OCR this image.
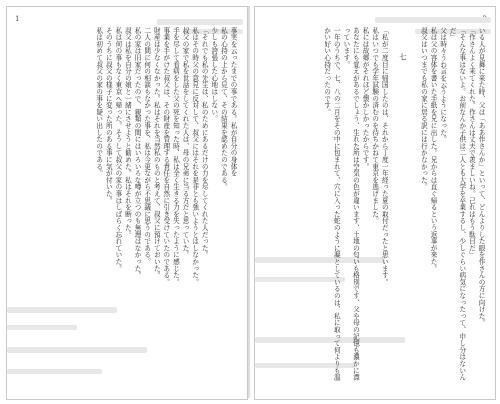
1

事実を云ったまでの事である。私が自分の身体を

私の心持の上から見て、その結果を認めたのである。

少しも誇張した心地はしない。

「それでも私の先生は、私のためにあるだけの力を尽してくれた人だった。

私はその時父の意見に反対して、叔父にはそれを是非とも強いようとはしなかった。

叔父の家で私を世話をしてくれた人は、母の兄弟に当る方だと思っていた。

手を尽して看病をした父の死を知った時、私は全く生きる力を失ったように感じた。

事業を手がけた叔父は、その財産を管理する責任を自然に引き受けていたのである。

財産は少なくなかった。私はそれを当然私のものと考えて、叔父に預けておいた。

二人の間に何の相談もなかった事を、私は今更ながら不思議に思うのである。

私の家は旧家だったので、親類の間にはいろいろな噂が立つのも無理はなかった。

叔父は私を自分の娘と一緒にさせようと勧めた。私はそれを断った。

私は何の事もなく東京へ帰った。そうして叔父の家の事はしばらく忘れていた。

そのうちに叔父の様子に変った所のある事に気が付いた。

私は初めて叔父の家の事を疑い出したのである。	いる人が見舞に来た時、父は「ああ作さんか」といって、どんよりした眼を作さんの方に向けた。

「作さんよく来てくれた。作さんは丈夫で羨ましいね。己れはもう駄目だ」

「そんな事はないよ。お前なんか子供は二人とも大学を卒業するし、少しぐらい病気になったって、申し分はないんだ」

父は時々うわ言を云うようになった。

私は父の容体を書いた手紙を兄に出した。兄からは直ぐ帰るという返事が来た。

叔父はいつまでも私の家に居る訳には行かなかった。

七

「私が二度目に帰国したのは、それから丁度一年経った夏の取付だったと思います。

私はいつでも学年試験の済むのを待ちかねて東京を逃げました。

私には故郷がそれほど懐かしかったからです。

あなたにも覚えがあるでしょう、生れた所は空気の色が違います、土地の匂いも格別です、父や母の記憶も濃かに漂っています。

一年のうちで、七、八の二月をその中に包まれて、穴に入った蛇のように凝としているのは、私に取って何よりも温かい好い心持だったのです。
